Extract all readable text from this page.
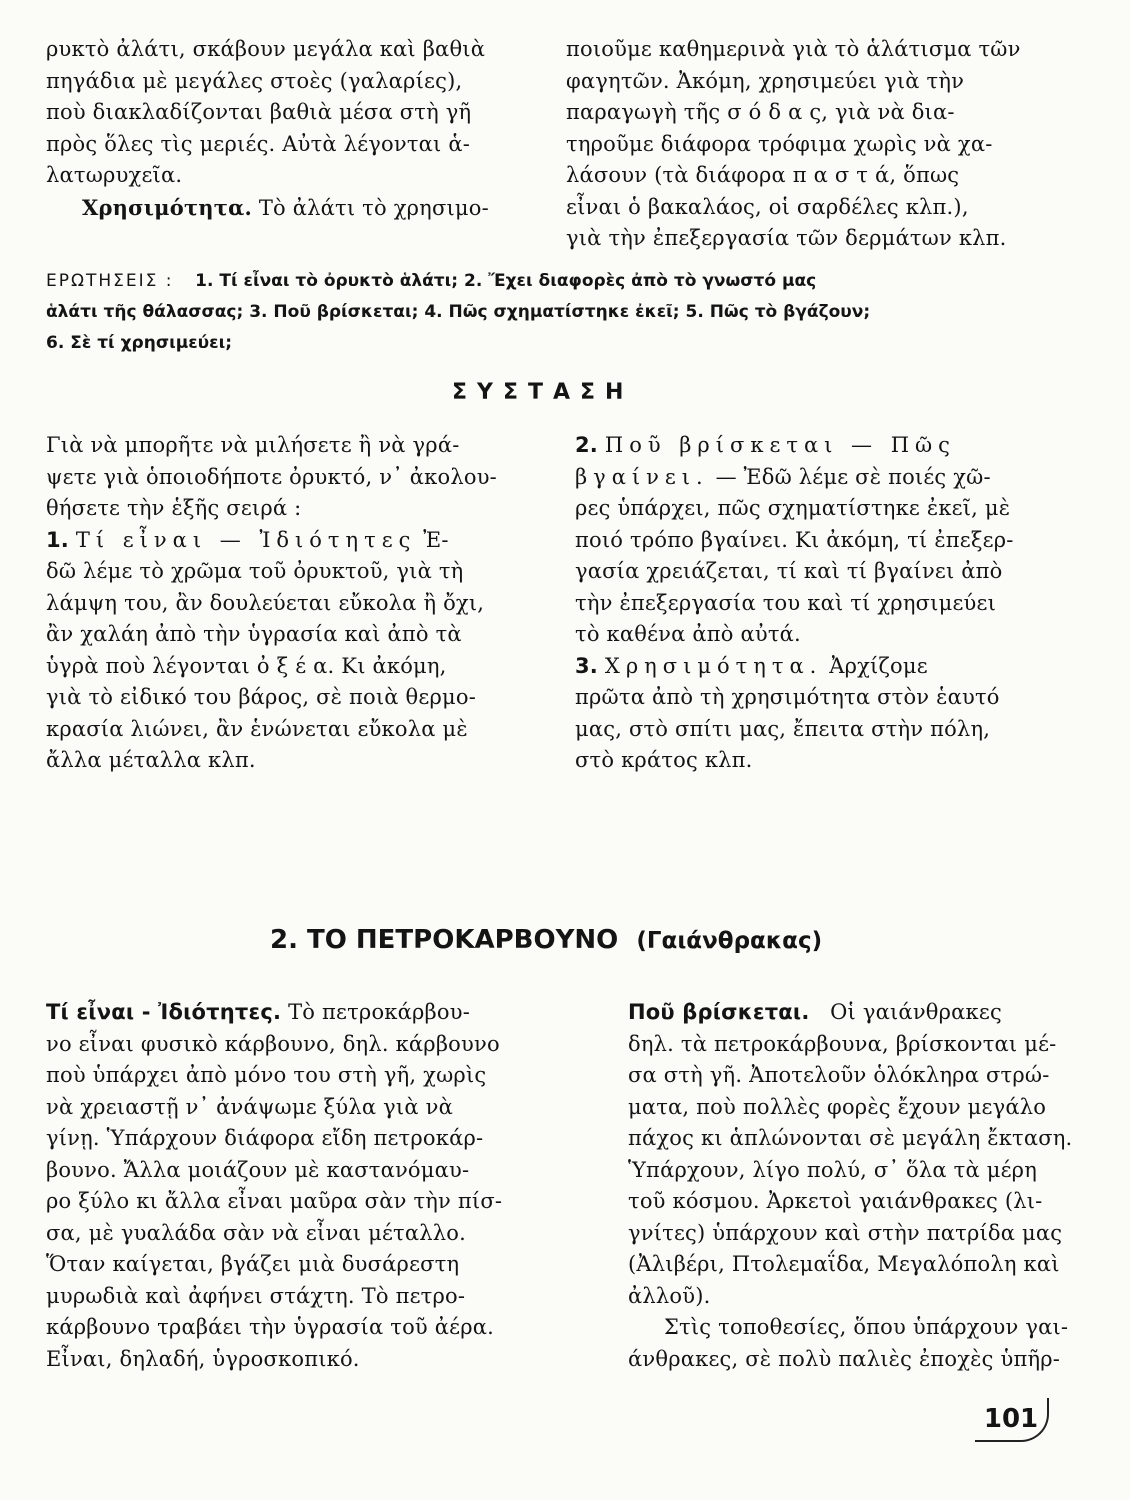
ρυκτὸ ἀλάτι, σκάβουν μεγάλα καὶ βαθιὰ
πηγάδια μὲ μεγάλες στοὲς (γαλαρίες),
ποὺ διακλαδίζονται βαθιὰ μέσα στὴ γῆ
πρὸς ὅλες τὶς μεριές. Αὐτὰ λέγονται ἁ-
λατωρυχεῖα.
Χρησιμότητα. Τὸ ἀλάτι τὸ χρησιμο-
ποιοῦμε καθημερινὰ γιὰ τὸ ἁλάτισμα τῶν
φαγητῶν. Ἀκόμη, χρησιμεύει γιὰ τὴν
παραγωγὴ τῆς σ ό δ α ς, γιὰ νὰ δια-
τηροῦμε διάφορα τρόφιμα χωρὶς νὰ χα-
λάσουν (τὰ διάφορα π α σ τ ά, ὅπως
εἶναι ὁ βακαλάος, οἱ σαρδέλες κλπ.),
γιὰ τὴν ἐπεξεργασία τῶν δερμάτων κλπ.
ΕΡΩΤΗΣΕΙΣ : 1. Τί εἶναι τὸ ὀρυκτὸ ἁλάτι; 2. Ἔχει διαφορὲς ἀπὸ τὸ γνωστό μας
ἁλάτι τῆς θάλασσας; 3. Ποῦ βρίσκεται; 4. Πῶς σχηματίστηκε ἐκεῖ; 5. Πῶς τὸ βγάζουν;
6. Σὲ τί χρησιμεύει;
ΣΥΣΤΑΣΗ
Γιὰ νὰ μπορῆτε νὰ μιλήσετε ἢ νὰ γρά-
ψετε γιὰ ὁποιοδήποτε ὀρυκτό, ν᾿ ἀκολου-
θήσετε τὴν ἑξῆς σειρά :
1. Τί εἶναι — Ἰδιότητες Ἐ-
δῶ λέμε τὸ χρῶμα τοῦ ὀρυκτοῦ, γιὰ τὴ
λάμψη του, ἂν δουλεύεται εὔκολα ἢ ὄχι,
ἂν χαλάη ἀπὸ τὴν ὑγρασία καὶ ἀπὸ τὰ
ὑγρὰ ποὺ λέγονται ὀ ξ έ α. Κι ἀκόμη,
γιὰ τὸ εἰδικό του βάρος, σὲ ποιὰ θερμο-
κρασία λιώνει, ἂν ἑνώνεται εὔκολα μὲ
ἄλλα μέταλλα κλπ.
2. Ποῦ βρίσκεται — Πῶς
βγαίνει. — Ἐδῶ λέμε σὲ ποιές χῶ-
ρες ὑπάρχει, πῶς σχηματίστηκε ἐκεῖ, μὲ
ποιό τρόπο βγαίνει. Κι ἀκόμη, τί ἐπεξερ-
γασία χρειάζεται, τί καὶ τί βγαίνει ἀπὸ
τὴν ἐπεξεργασία του καὶ τί χρησιμεύει
τὸ καθένα ἀπὸ αὐτά.
3. Χρησιμότητα. Ἀρχίζομε
πρῶτα ἀπὸ τὴ χρησιμότητα στὸν ἑαυτό
μας, στὸ σπίτι μας, ἔπειτα στὴν πόλη,
στὸ κράτος κλπ.
2. ΤΟ ΠΕΤΡΟΚΑΡΒΟΥΝΟ (Γαιάνθρακας)
Τί εἶναι - Ἰδιότητες. Τὸ πετροκάρβου-
νο εἶναι φυσικὸ κάρβουνο, δηλ. κάρβουνο
ποὺ ὑπάρχει ἀπὸ μόνο του στὴ γῆ, χωρὶς
νὰ χρειαστῇ ν᾿ ἀνάψωμε ξύλα γιὰ νὰ
γίνῃ. Ὑπάρχουν διάφορα εἴδη πετροκάρ-
βουνο. Ἄλλα μοιάζουν μὲ καστανόμαυ-
ρο ξύλο κι ἄλλα εἶναι μαῦρα σὰν τὴν πίσ-
σα, μὲ γυαλάδα σὰν νὰ εἶναι μέταλλο.
Ὅταν καίγεται, βγάζει μιὰ δυσάρεστη
μυρωδιὰ καὶ ἀφήνει στάχτη. Τὸ πετρο-
κάρβουνο τραβάει τὴν ὑγρασία τοῦ ἀέρα.
Εἶναι, δηλαδή, ὑγροσκοπικό.
Ποῦ βρίσκεται. Οἱ γαιάνθρακες
δηλ. τὰ πετροκάρβουνα, βρίσκονται μέ-
σα στὴ γῆ. Ἀποτελοῦν ὁλόκληρα στρώ-
ματα, ποὺ πολλὲς φορὲς ἔχουν μεγάλο
πάχος κι ἁπλώνονται σὲ μεγάλη ἔκταση.
Ὑπάρχουν, λίγο πολύ, σ᾿ ὅλα τὰ μέρη
τοῦ κόσμου. Ἀρκετοὶ γαιάνθρακες (λι-
γνίτες) ὑπάρχουν καὶ στὴν πατρίδα μας
(Ἀλιβέρι, Πτολεμαΐδα, Μεγαλόπολη καὶ
ἀλλοῦ).
Στὶς τοποθεσίες, ὅπου ὑπάρχουν γαι-
άνθρακες, σὲ πολὺ παλιὲς ἐποχὲς ὑπῆρ-
101
